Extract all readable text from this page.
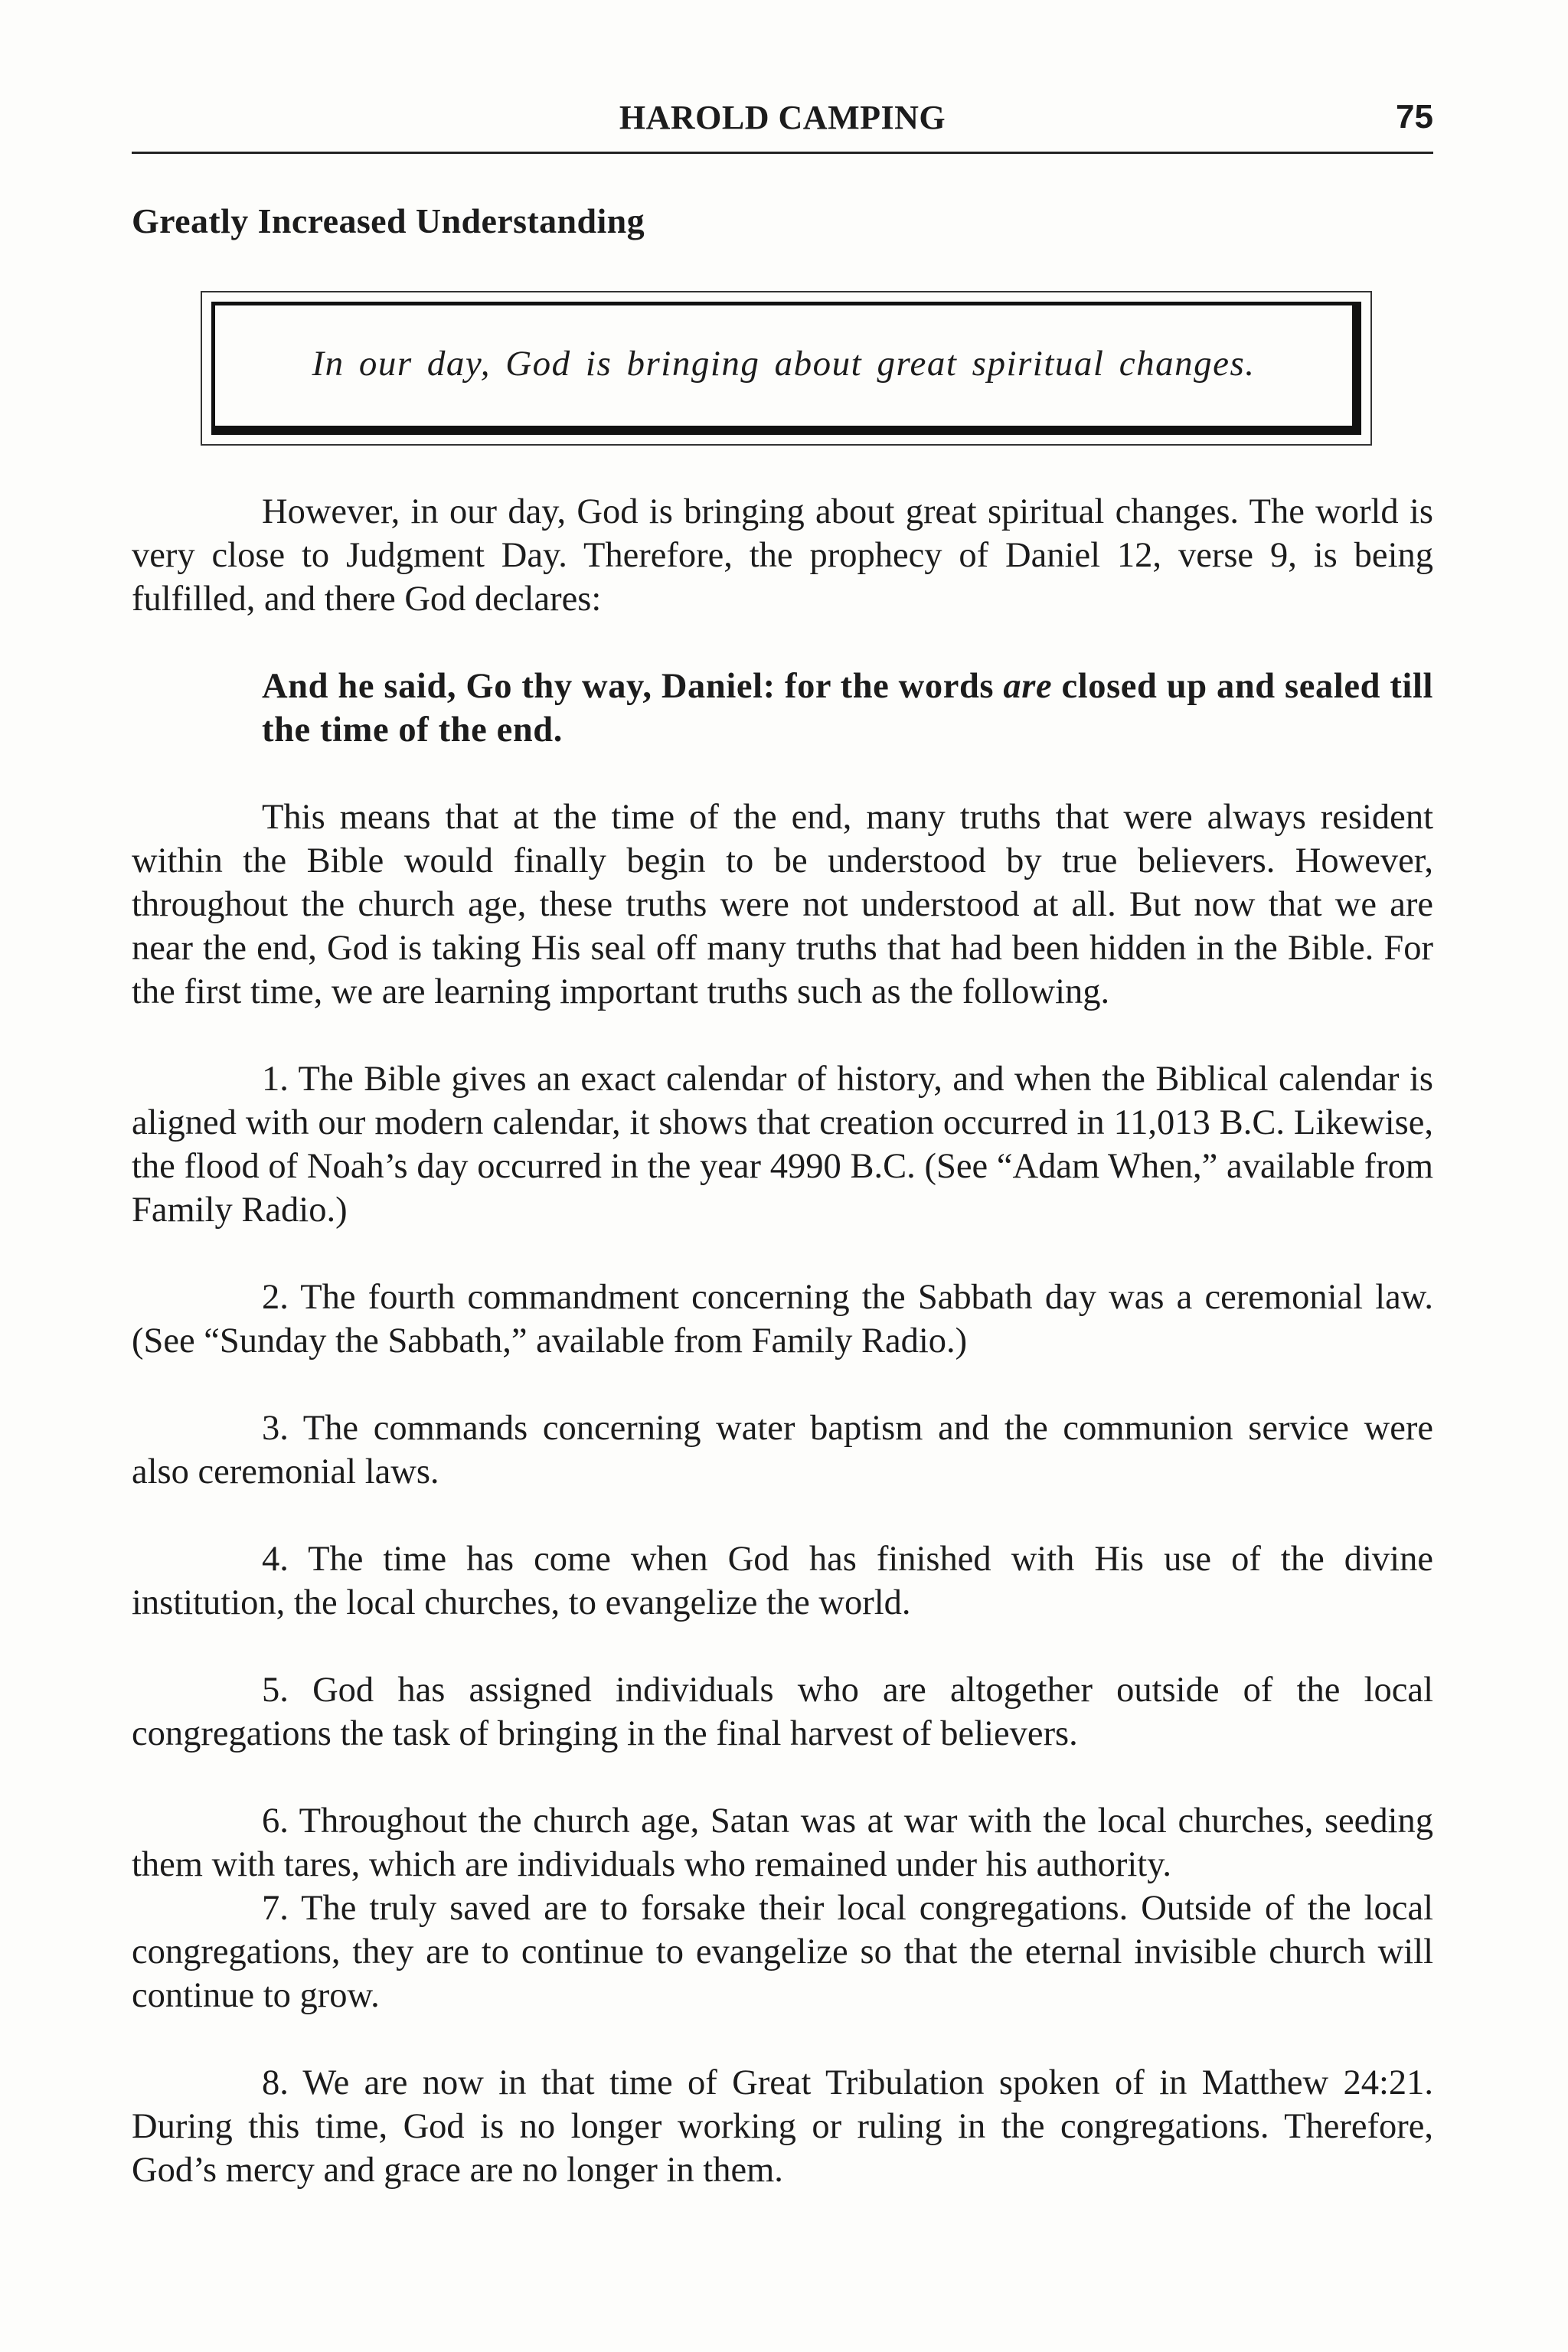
HAROLD CAMPING	75
Greatly Increased Understanding
In our day, God is bringing about great spiritual changes.

However, in our day, God is bringing about great spiritual changes. The world is very close to Judgment Day. Therefore, the prophecy of Daniel 12, verse 9, is being fulfilled, and there God declares:

And he said, Go thy way, Daniel: for the words are closed up and sealed till the time of the end.

This means that at the time of the end, many truths that were always resident within the Bible would finally begin to be understood by true believers. However, throughout the church age, these truths were not understood at all. But now that we are near the end, God is taking His seal off many truths that had been hidden in the Bible. For the first time, we are learning important truths such as the following.

1. The Bible gives an exact calendar of history, and when the Biblical calendar is aligned with our modern calendar, it shows that creation occurred in 11,013 B.C. Likewise, the flood of Noah’s day occurred in the year 4990 B.C. (See “Adam When,” available from Family Radio.)

2. The fourth commandment concerning the Sabbath day was a ceremonial law. (See “Sunday the Sabbath,” available from Family Radio.)

3. The commands concerning water baptism and the communion service were also ceremonial laws.

4. The time has come when God has finished with His use of the divine institution, the local churches, to evangelize the world.

5. God has assigned individuals who are altogether outside of the local congregations the task of bringing in the final harvest of believers.

6. Throughout the church age, Satan was at war with the local churches, seeding them with tares, which are individuals who remained under his authority.

7. The truly saved are to forsake their local congregations. Outside of the local congregations, they are to continue to evangelize so that the eternal invisible church will continue to grow.

8. We are now in that time of Great Tribulation spoken of in Matthew 24:21. During this time, God is no longer working or ruling in the congregations. Therefore, God’s mercy and grace are no longer in them.
